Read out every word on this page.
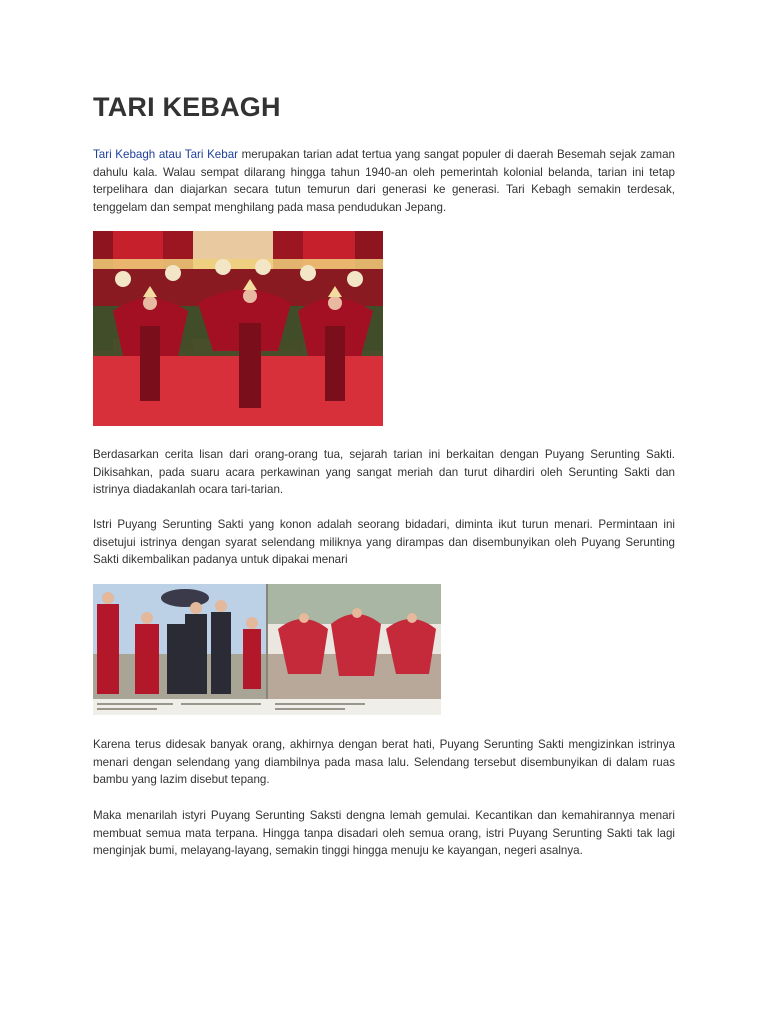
TARI KEBAGH

Tari Kebagh atau Tari Kebar merupakan tarian adat tertua yang sangat populer di daerah Besemah sejak zaman dahulu kala. Walau sempat dilarang hingga tahun 1940-an oleh pemerintah kolonial belanda, tarian ini tetap terpelihara dan diajarkan secara tutun temurun dari generasi ke generasi. Tari Kebagh semakin terdesak, tenggelam dan sempat menghilang pada masa pendudukan Jepang.

Berdasarkan cerita lisan dari orang-orang tua, sejarah tarian ini berkaitan dengan Puyang Serunting Sakti. Dikisahkan, pada suaru acara perkawinan yang sangat meriah dan turut dihardiri oleh Serunting Sakti dan istrinya diadakanlah ocara tari-tarian.

Istri Puyang Serunting Sakti yang konon adalah seorang bidadari, diminta ikut turun menari. Permintaan ini disetujui istrinya dengan syarat selendang miliknya yang dirampas dan disembunyikan oleh Puyang Serunting Sakti dikembalikan padanya untuk dipakai menari

Karena terus didesak banyak orang, akhirnya dengan berat hati, Puyang Serunting Sakti mengizinkan istrinya menari dengan selendang yang diambilnya pada masa lalu. Selendang tersebut disembunyikan di dalam ruas bambu yang lazim disebut tepang.

Maka menarilah istyri Puyang Serunting Saksti dengna lemah gemulai. Kecantikan dan kemahirannya menari membuat semua mata terpana. Hingga tanpa disadari oleh semua orang, istri Puyang Serunting Sakti tak lagi menginjak bumi, melayang-layang, semakin tinggi hingga menuju ke kayangan, negeri asalnya.
